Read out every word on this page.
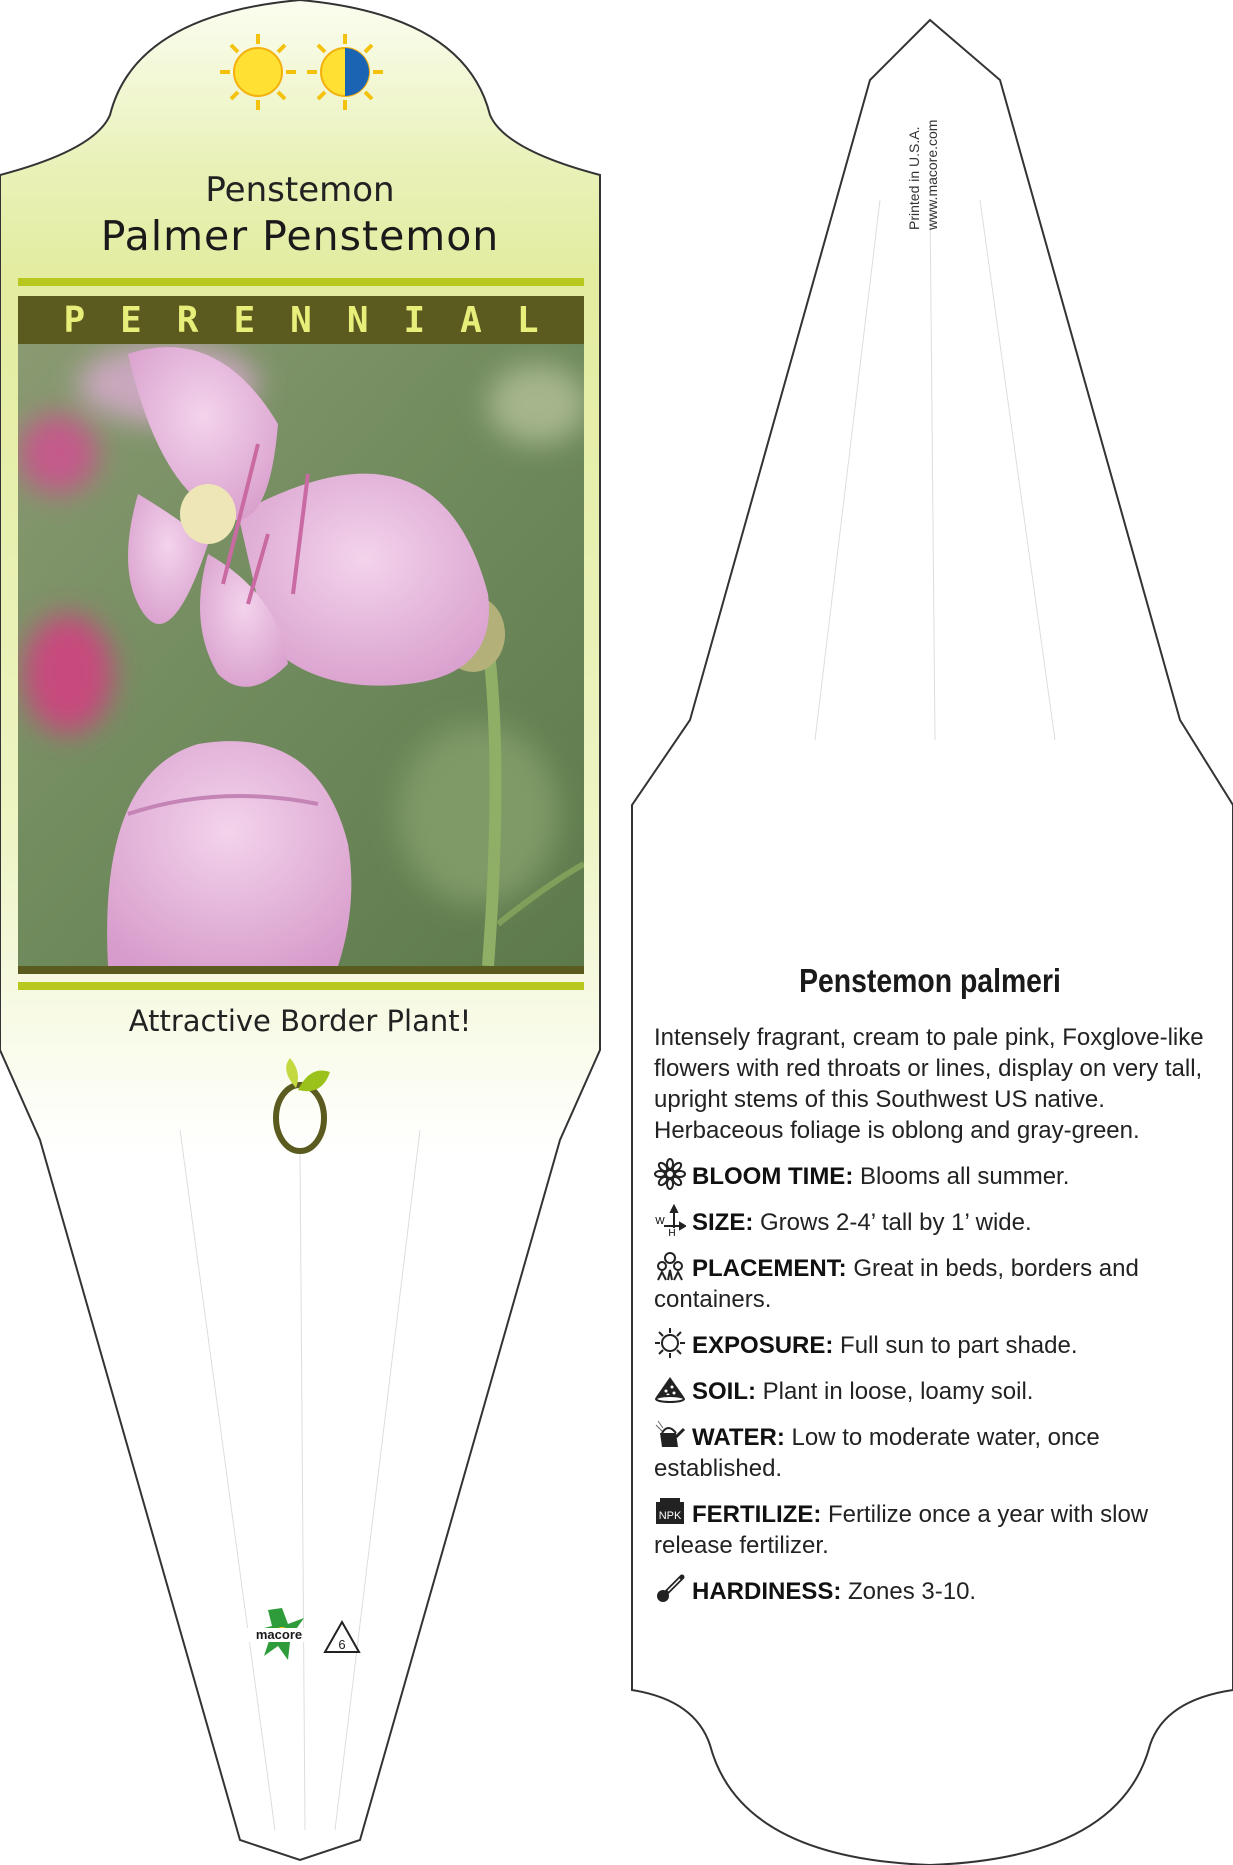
Penstemon
Palmer Penstemon
PERENNIAL
Attractive Border Plant!
macore
6
Printed in U.S.A. www.macore.com
Penstemon palmeri
Intensely fragrant, cream to pale pink, Foxglove-like flowers with red throats or lines, display on very tall, upright stems of this Southwest US native. Herbaceous foliage is oblong and gray-green.
BLOOM TIME: Blooms all summer.
W
H SIZE: Grows 2-4’ tall by 1’ wide.
PLACEMENT: Great in beds, borders and containers.
EXPOSURE: Full sun to part shade.
SOIL: Plant in loose, loamy soil.
WATER: Low to moderate water, once established.
NPK FERTILIZE: Fertilize once a year with slow release fertilizer.
HARDINESS: Zones 3-10.
